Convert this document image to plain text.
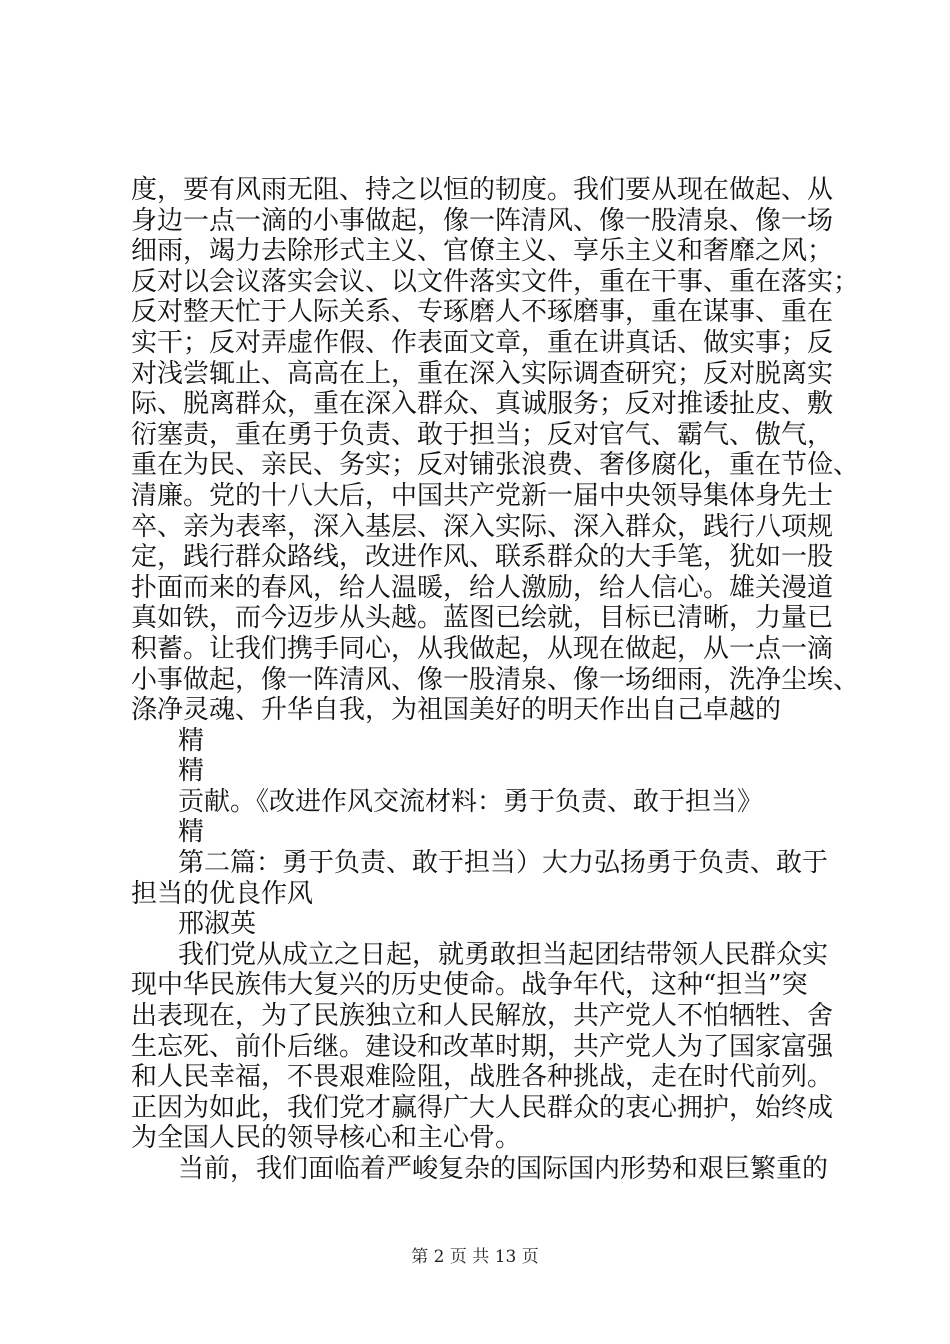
度，要有风雨无阻、持之以恒的韧度。我们要从现在做起、从
身边一点一滴的小事做起，像一阵清风、像一股清泉、像一场
细雨，竭力去除形式主义、官僚主义、享乐主义和奢靡之风；
反对以会议落实会议、以文件落实文件，重在干事、重在落实；
反对整天忙于人际关系、专琢磨人不琢磨事，重在谋事、重在
实干；反对弄虚作假、作表面文章，重在讲真话、做实事；反
对浅尝辄止、高高在上，重在深入实际调查研究；反对脱离实
际、脱离群众，重在深入群众、真诚服务；反对推诿扯皮、敷
衍塞责，重在勇于负责、敢于担当；反对官气、霸气、傲气，
重在为民、亲民、务实；反对铺张浪费、奢侈腐化，重在节俭、
清廉。党的十八大后，中国共产党新一届中央领导集体身先士
卒、亲为表率，深入基层、深入实际、深入群众，践行八项规
定，践行群众路线，改进作风、联系群众的大手笔，犹如一股
扑面而来的春风，给人温暖，给人激励，给人信心。雄关漫道
真如铁，而今迈步从头越。蓝图已绘就，目标已清晰，力量已
积蓄。让我们携手同心，从我做起，从现在做起，从一点一滴
小事做起，像一阵清风、像一股清泉、像一场细雨，洗净尘埃、
涤净灵魂、升华自我，为祖国美好的明天作出自己卓越的
精
精
贡献。《改进作风交流材料：勇于负责、敢于担当》
精
第二篇：勇于负责、敢于担当）大力弘扬勇于负责、敢于
担当的优良作风
邢淑英
我们党从成立之日起，就勇敢担当起团结带领人民群众实
现中华民族伟大复兴的历史使命。战争年代，这种“担当”突
出表现在，为了民族独立和人民解放，共产党人不怕牺牲、舍
生忘死、前仆后继。建设和改革时期，共产党人为了国家富强
和人民幸福，不畏艰难险阻，战胜各种挑战，走在时代前列。
正因为如此，我们党才赢得广大人民群众的衷心拥护，始终成
为全国人民的领导核心和主心骨。
当前，我们面临着严峻复杂的国际国内形势和艰巨繁重的
第 2 页 共 13 页
